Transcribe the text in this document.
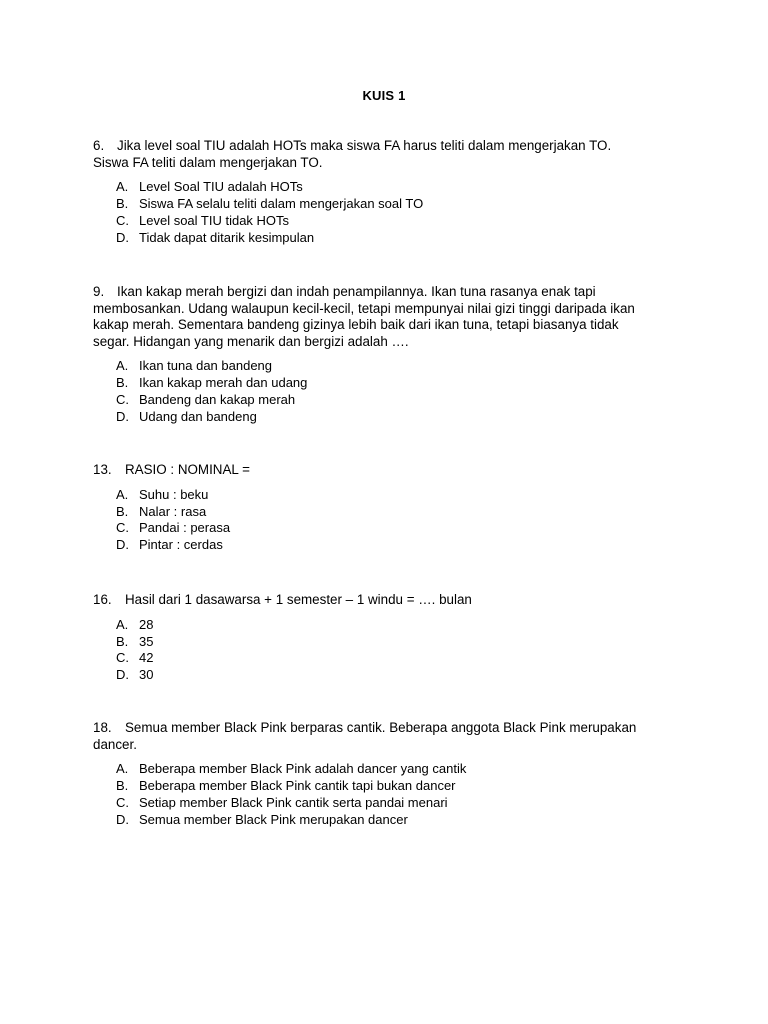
KUIS 1

6. Jika level soal TIU adalah HOTs maka siswa FA harus teliti dalam mengerjakan TO.
Siswa FA teliti dalam mengerjakan TO.

A. Level Soal TIU adalah HOTs
B. Siswa FA selalu teliti dalam mengerjakan soal TO
C. Level soal TIU tidak HOTs
D. Tidak dapat ditarik kesimpulan

9. Ikan kakap merah bergizi dan indah penampilannya. Ikan tuna rasanya enak tapi
membosankan. Udang walaupun kecil-kecil, tetapi mempunyai nilai gizi tinggi daripada ikan
kakap merah. Sementara bandeng gizinya lebih baik dari ikan tuna, tetapi biasanya tidak
segar. Hidangan yang menarik dan bergizi adalah ….

A. Ikan tuna dan bandeng
B. Ikan kakap merah dan udang
C. Bandeng dan kakap merah
D. Udang dan bandeng

13. RASIO : NOMINAL =

A. Suhu : beku
B. Nalar : rasa
C. Pandai : perasa
D. Pintar : cerdas

16. Hasil dari 1 dasawarsa + 1 semester – 1 windu = …. bulan

A. 28
B. 35
C. 42
D. 30

18. Semua member Black Pink berparas cantik. Beberapa anggota Black Pink merupakan
dancer.

A. Beberapa member Black Pink adalah dancer yang cantik
B. Beberapa member Black Pink cantik tapi bukan dancer
C. Setiap member Black Pink cantik serta pandai menari
D. Semua member Black Pink merupakan dancer
